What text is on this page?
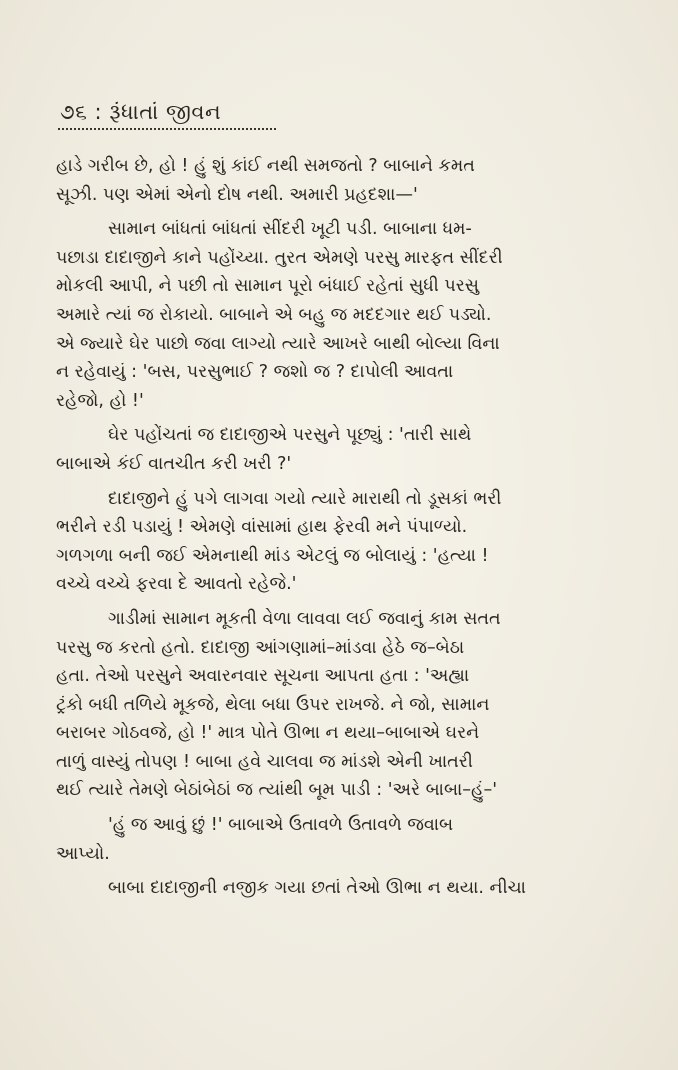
૭૬ : રૂંધાતાં જીવન
હાડે ગરીબ છે, હો ! હું શું કાંઈ નથી સમજતો ? બાબાને કમત
સૂઝી. પણ એમાં એનો દોષ નથી. અમારી પ્રહદશા—'
સામાન બાંધતાં બાંધતાં સીંદરી ખૂટી પડી. બાબાના ધમ-
પછાડા દાદાજીને કાને પહોંચ્યા. તુરત એમણે પરસુ મારફત સીંદરી
મોકલી આપી, ને પછી તો સામાન પૂરો બંધાઈ રહેતાં સુધી પરસુ
અમારે ત્યાં જ રોકાયો. બાબાને એ બહુ જ મદદગાર થઈ પડ્યો.
એ જ્યારે ઘેર પાછો જવા લાગ્યો ત્યારે આખરે બાથી બોલ્યા વિના
ન રહેવાયું : 'બસ, પરસુભાઈ ? જશો જ ? દાપોલી આવતા
રહેજો, હો !'
ઘેર પહોંચતાં જ દાદાજીએ પરસુને પૂછ્યું : 'તારી સાથે
બાબાએ કંઈ વાતચીત કરી ખરી ?'
દાદાજીને હું પગે લાગવા ગયો ત્યારે મારાથી તો ડૂસકાં ભરી
ભરીને રડી પડાયું ! એમણે વાંસામાં હાથ ફેરવી મને પંપાળ્યો.
ગળગળા બની જઈ એમનાથી માંડ એટલું જ બોલાયું : 'હત્યા !
વચ્ચે વચ્ચે ફરવા દે આવતો રહેજે.'
ગાડીમાં સામાન મૂકતી વેળા લાવવા લઈ જવાનું કામ સતત
પરસુ જ કરતો હતો. દાદાજી આંગણામાં–માંડવા હેઠે જ–બેઠા
હતા. તેઓ પરસુને અવારનવાર સૂચના આપતા હતા : 'અહ્યા
ટ્રંકો બધી તળિયે મૂકજે, થેલા બધા ઉપર રાખજે. ને જો, સામાન
બરાબર ગોઠવજે, હો !' માત્ર પોતે ઊભા ન થયા–બાબાએ ઘરને
તાળું વાસ્યું તોપણ ! બાબા હવે ચાલવા જ માંડશે એની ખાતરી
થઈ ત્યારે તેમણે બેઠાંબેઠાં જ ત્યાંથી બૂમ પાડી : 'અરે બાબા–હું–'
'હું જ આવું છું !' બાબાએ ઉતાવળે ઉતાવળે જવાબ
આપ્યો.
બાબા દાદાજીની નજીક ગયા છતાં તેઓ ઊભા ન થયા. નીચા
